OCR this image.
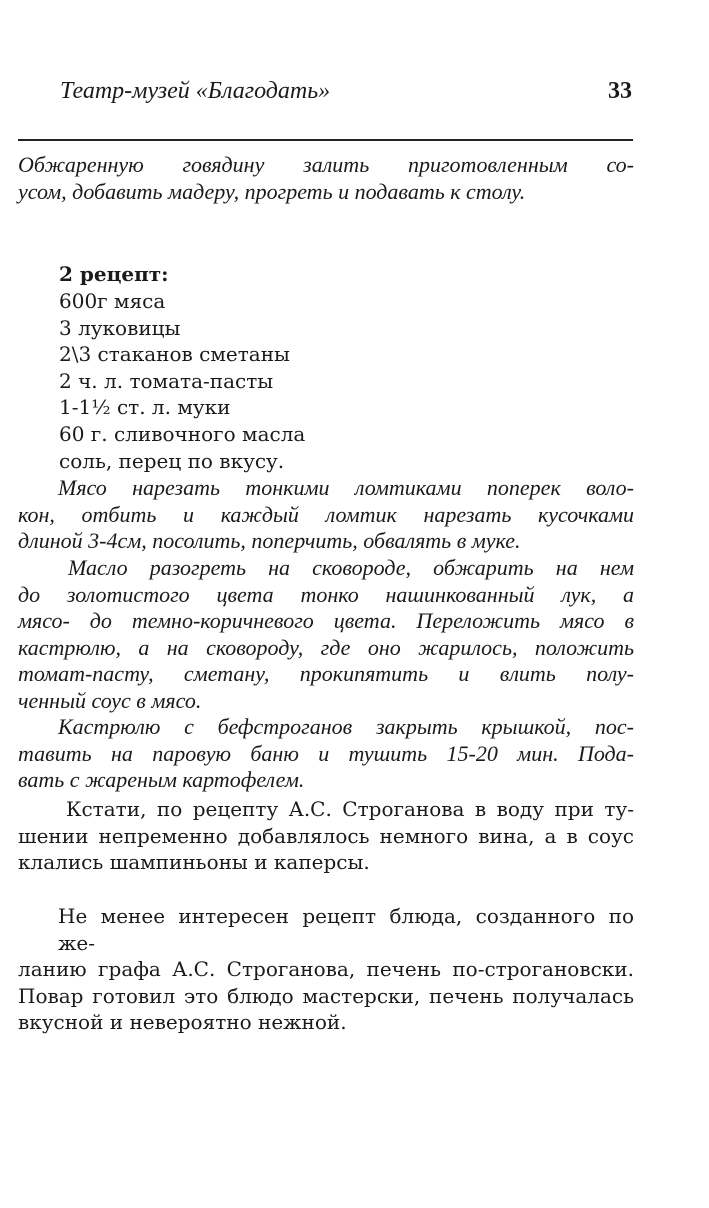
Театр-музей «Благодать»	33
Обжаренную говядину залить приготовленным со-
усом, добавить мадеру, прогреть и подавать к столу.
2 рецепт:
600г мяса
3 луковицы
2\3 стаканов сметаны
2 ч. л. томата-пасты
1-1½ ст. л. муки
60 г. сливочного масла
соль, перец по вкусу.
Мясо нарезать тонкими ломтиками поперек воло-
кон, отбить и каждый ломтик нарезать кусочками
длиной 3-4см, посолить, поперчить, обвалять в муке.
Масло разогреть на сковороде, обжарить на нем
до золотистого цвета тонко нашинкованный лук, а
мясо- до темно-коричневого цвета. Переложить мясо в
кастрюлю, а на сковороду, где оно жарилось, положить
томат-пасту, сметану, прокипятить и влить полу-
ченный соус в мясо.
Кастрюлю с бефстроганов закрыть крышкой, пос-
тавить на паровую баню и тушить 15-20 мин. Пода-
вать с жареным картофелем.
Кстати, по рецепту А.С. Строганова в воду при ту-
шении непременно добавлялось немного вина, а в соус
клались шампиньоны и каперсы.
Не менее интересен рецепт блюда, созданного по же-
ланию графа А.С. Строганова, печень по-строгановски.
Повар готовил это блюдо мастерски, печень получалась
вкусной и невероятно нежной.
